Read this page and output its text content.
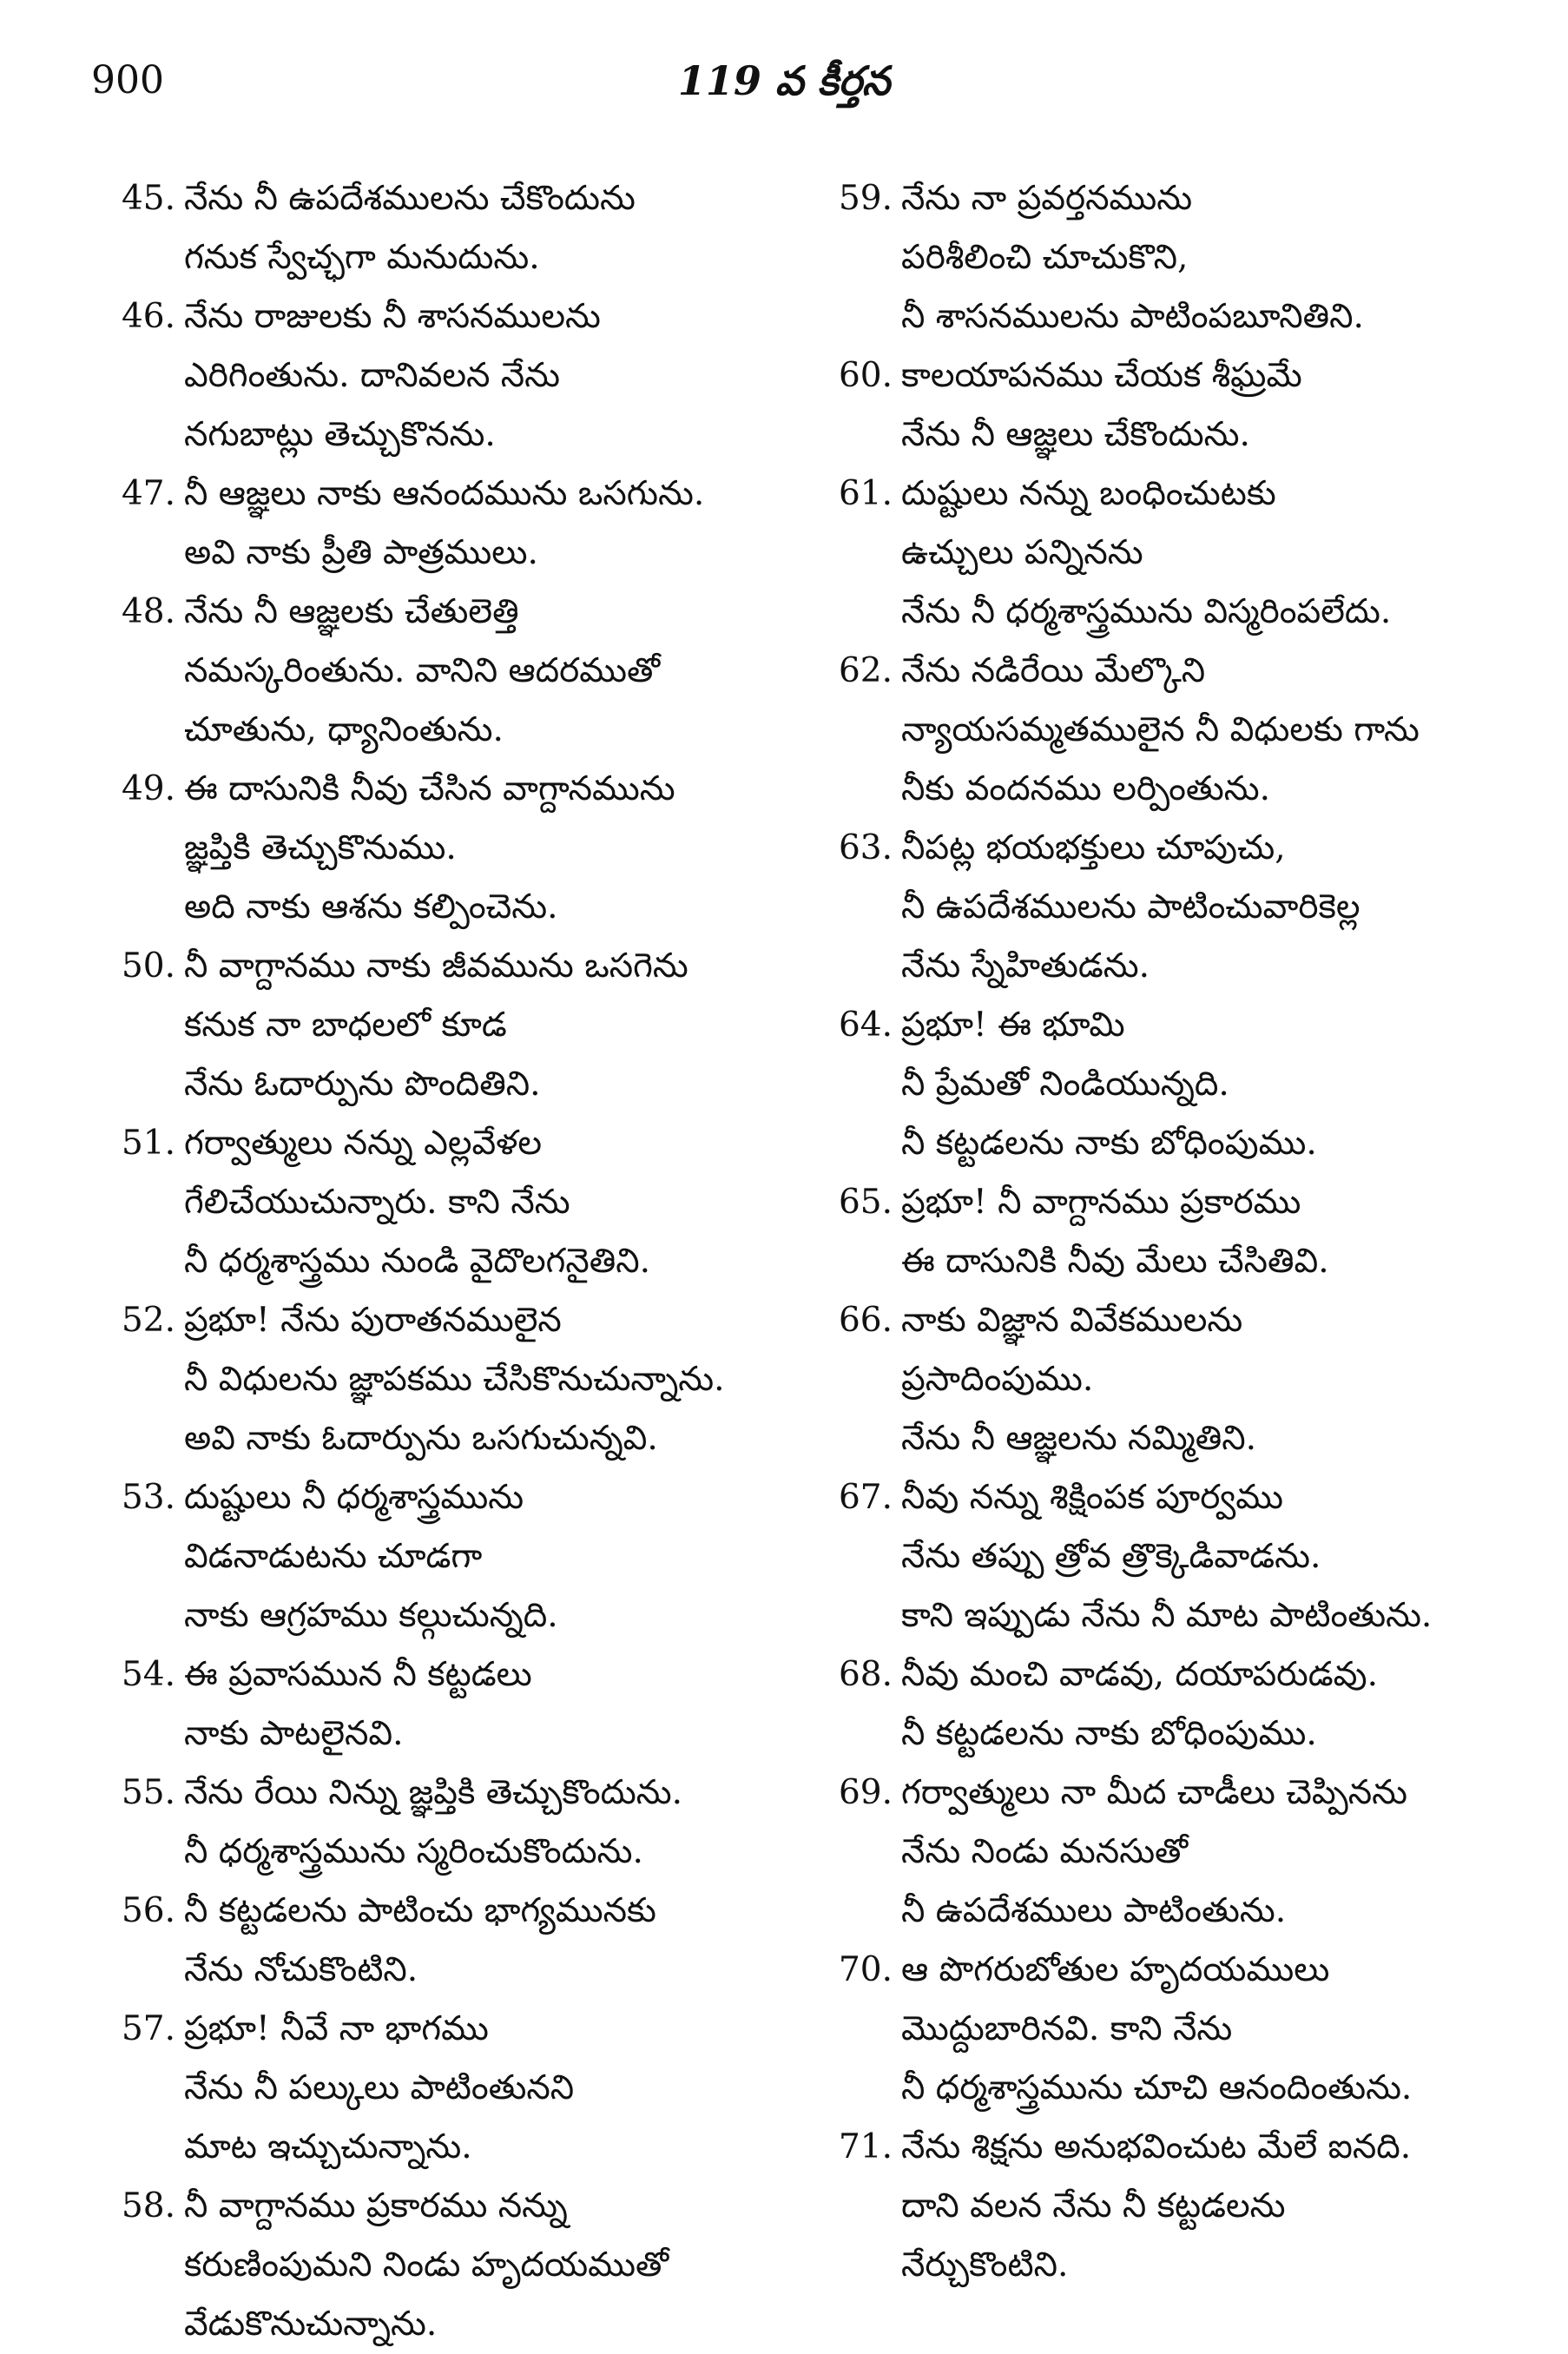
900	119 వ కీర్తన
45. నేను నీ ఉపదేశములను చేకొందును
గనుక స్వేచ్ఛగా మనుదును.
46. నేను రాజులకు నీ శాసనములను
ఎరిగింతును. దానివలన నేను
నగుబాట్లు తెచ్చుకొనను.
47. నీ ఆజ్ఞలు నాకు ఆనందమును ఒసగును.
అవి నాకు ప్రీతి పాత్రములు.
48. నేను నీ ఆజ్ఞలకు చేతులెత్తి
నమస్కరింతును. వానిని ఆదరముతో
చూతును, ధ్యానింతును.
49. ఈ దాసునికి నీవు చేసిన వాగ్దానమును
జ్ఞప్తికి తెచ్చుకొనుము.
అది నాకు ఆశను కల్పించెను.
50. నీ వాగ్దానము నాకు జీవమును ఒసగెను
కనుక నా బాధలలో కూడ
నేను ఓదార్పును పొందితిని.
51. గర్వాత్ములు నన్ను ఎల్లవేళల
గేలిచేయుచున్నారు. కాని నేను
నీ ధర్మశాస్త్రము నుండి వైదొలగనైతిని.
52. ప్రభూ! నేను పురాతనములైన
నీ విధులను జ్ఞాపకము చేసికొనుచున్నాను.
అవి నాకు ఓదార్పును ఒసగుచున్నవి.
53. దుష్టులు నీ ధర్మశాస్త్రమును
విడనాడుటను చూడగా
నాకు ఆగ్రహము కల్గుచున్నది.
54. ఈ ప్రవాసమున నీ కట్టడలు
నాకు పాటలైనవి.
55. నేను రేయి నిన్ను జ్ఞప్తికి తెచ్చుకొందును.
నీ ధర్మశాస్త్రమును స్మరించుకొందును.
56. నీ కట్టడలను పాటించు భాగ్యమునకు
నేను నోచుకొంటిని.
57. ప్రభూ! నీవే నా భాగము
నేను నీ పల్కులు పాటింతునని
మాట ఇచ్చుచున్నాను.
58. నీ వాగ్దానము ప్రకారము నన్ను
కరుణింపుమని నిండు హృదయముతో
వేడుకొనుచున్నాను.
59. నేను నా ప్రవర్తనమును
పరిశీలించి చూచుకొని,
నీ శాసనములను పాటింపబూనితిని.
60. కాలయాపనము చేయక శీఘ్రమే
నేను నీ ఆజ్ఞలు చేకొందును.
61. దుష్టులు నన్ను బంధించుటకు
ఉచ్చులు పన్నినను
నేను నీ ధర్మశాస్త్రమును విస్మరింపలేదు.
62. నేను నడిరేయి మేల్కొని
న్యాయసమ్మతములైన నీ విధులకు గాను
నీకు వందనము లర్పింతును.
63. నీపట్ల భయభక్తులు చూపుచు,
నీ ఉపదేశములను పాటించువారికెల్ల
నేను స్నేహితుడను.
64. ప్రభూ! ఈ భూమి
నీ ప్రేమతో నిండియున్నది.
నీ కట్టడలను నాకు బోధింపుము.
65. ప్రభూ! నీ వాగ్దానము ప్రకారము
ఈ దాసునికి నీవు మేలు చేసితివి.
66. నాకు విజ్ఞాన వివేకములను
ప్రసాదింపుము.
నేను నీ ఆజ్ఞలను నమ్మితిని.
67. నీవు నన్ను శిక్షింపక పూర్వము
నేను తప్పు త్రోవ త్రొక్కెడివాడను.
కాని ఇప్పుడు నేను నీ మాట పాటింతును.
68. నీవు మంచి వాడవు, దయాపరుడవు.
నీ కట్టడలను నాకు బోధింపుము.
69. గర్వాత్ములు నా మీద చాడీలు చెప్పినను
నేను నిండు మనసుతో
నీ ఉపదేశములు పాటింతును.
70. ఆ పొగరుబోతుల హృదయములు
మొద్దుబారినవి. కాని నేను
నీ ధర్మశాస్త్రమును చూచి ఆనందింతును.
71. నేను శిక్షను అనుభవించుట మేలే ఐనది.
దాని వలన నేను నీ కట్టడలను
నేర్చుకొంటిని.
